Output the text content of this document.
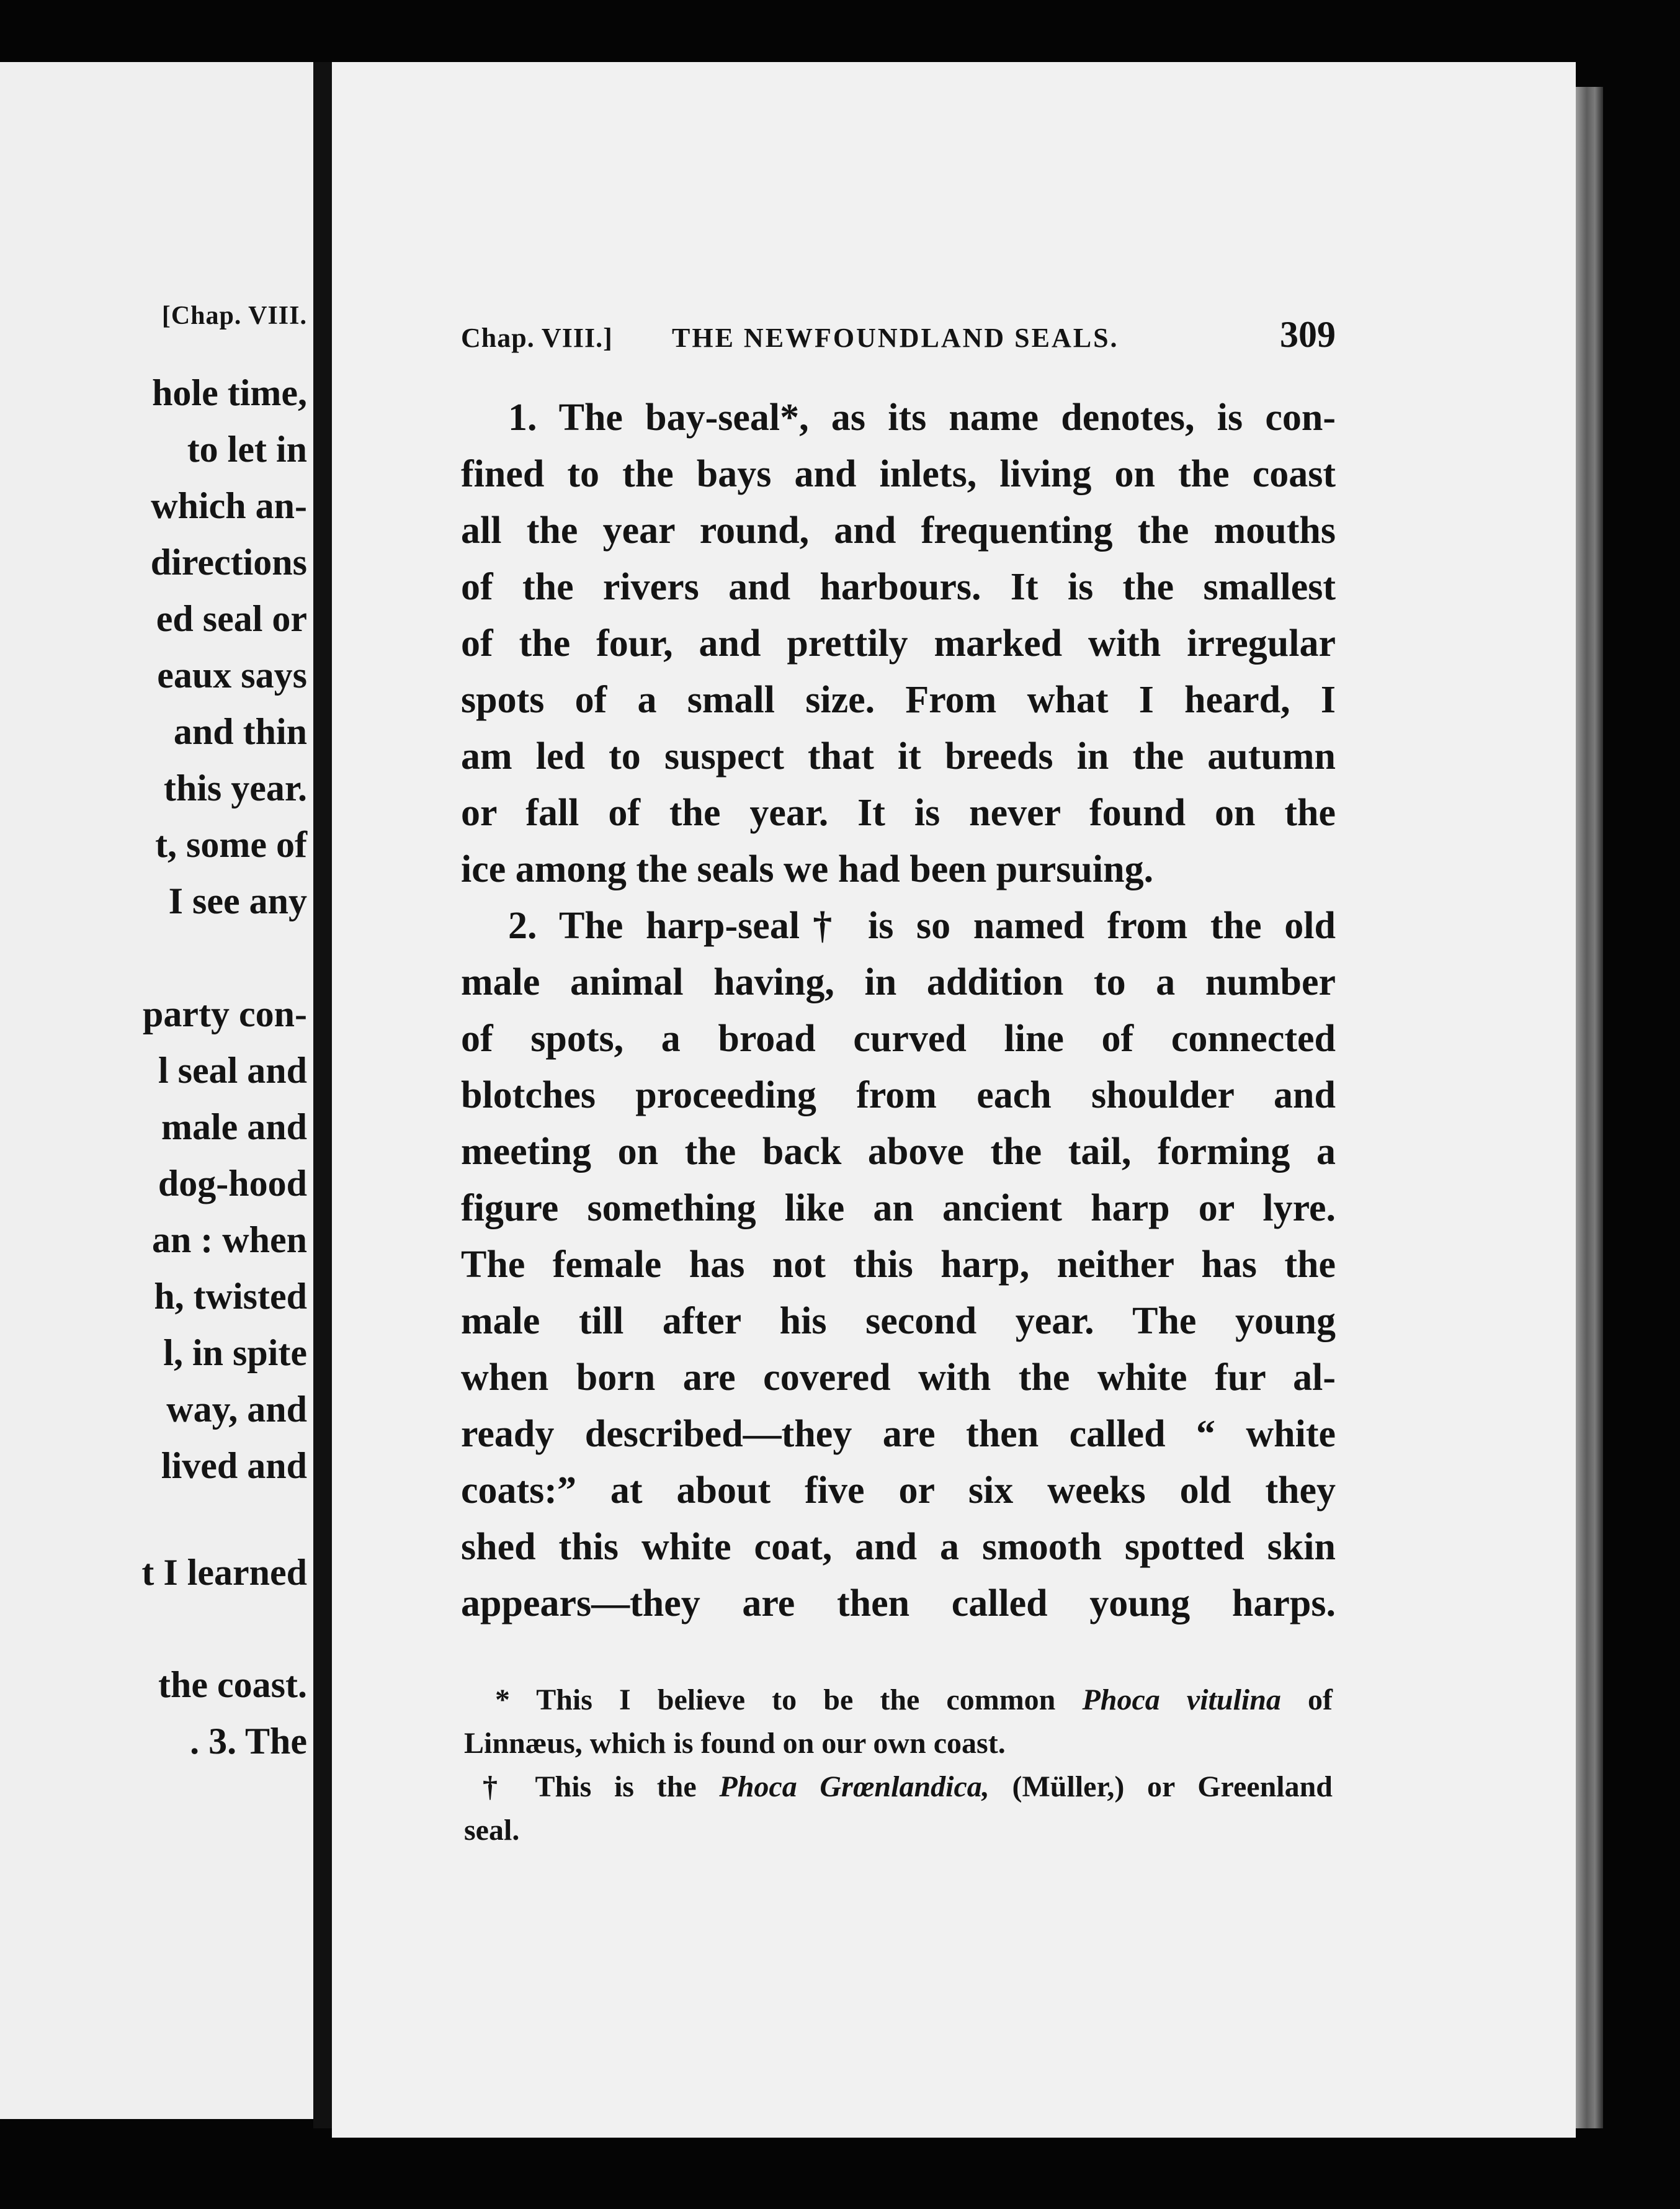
[Chap. VIII.
hole time,
to let in
which an-
directions
ed seal or
eaux says
and thin
this year.
t, some of
I see any
party con-
l seal and
male and
dog-hood
an : when
h, twisted
l, in spite
way, and
lived and
t I learned
the coast.
. 3. The
Chap. VIII.] THE NEWFOUNDLAND SEALS.	309
1. The bay-seal*, as its name denotes, is con-
fined to the bays and inlets, living on the coast
all the year round, and frequenting the mouths
of the rivers and harbours. It is the smallest
of the four, and prettily marked with irregular
spots of a small size. From what I heard, I
am led to suspect that it breeds in the autumn
or fall of the year. It is never found on the
ice among the seals we had been pursuing.
2. The harp-seal† is so named from the old
male animal having, in addition to a number
of spots, a broad curved line of connected
blotches proceeding from each shoulder and
meeting on the back above the tail, forming a
figure something like an ancient harp or lyre.
The female has not this harp, neither has the
male till after his second year. The young
when born are covered with the white fur al-
ready described—they are then called “ white
coats:” at about five or six weeks old they
shed this white coat, and a smooth spotted skin
appears—they are then called young harps.
* This I believe to be the common Phoca vitulina of
Linnæus, which is found on our own coast.
† This is the Phoca Grœnlandica, (Müller,) or Greenland
seal.
